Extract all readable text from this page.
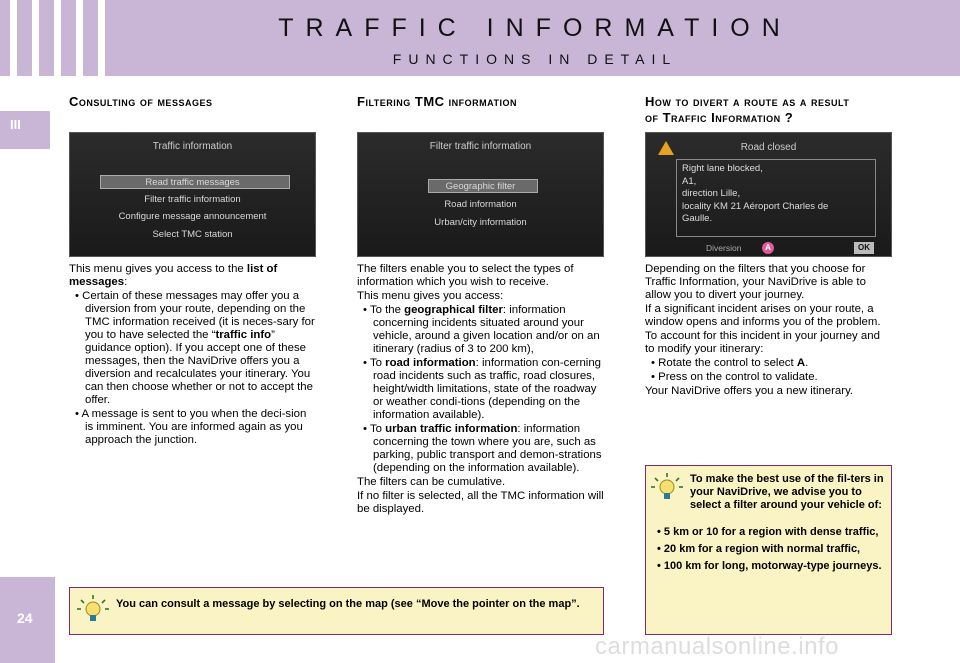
TRAFFIC INFORMATION
FUNCTIONS IN DETAIL
III
24
Consulting of messages
Traffic information
Read traffic messages
Filter traffic information
Configure message announcement
Select TMC station

This menu gives you access to the list of messages:

• Certain of these messages may offer you a diversion from your route, depending on the TMC information received (it is neces-sary for you to have selected the “traffic info” guidance option). If you accept one of these messages, then the NaviDrive offers you a diversion and recalculates your itinerary. You can then choose whether or not to accept the offer.

• A message is sent to you when the deci-sion is imminent. You are informed again as you approach the junction.

Filtering TMC information
Filter traffic information
Geographic filter
Road information
Urban/city information

The filters enable you to select the types of information which you wish to receive.

This menu gives you access:

• To the geographical filter: information concerning incidents situated around your vehicle, around a given location and/or on an itinerary (radius of 3 to 200 km),

• To road information: information con-cerning road incidents such as traffic, road closures, height/width limitations, state of the roadway or weather condi-tions (depending on the information available).

• To urban traffic information: information concerning the town where you are, such as parking, public transport and demon-strations (depending on the information available).

The filters can be cumulative.

If no filter is selected, all the TMC information will be displayed.

How to divert a route as a result
of Traffic Information ?
Road closed
Right lane blocked,
A1,
direction Lille,
locality KM 21 Aéroport Charles de
Gaulle.
Diversion	A	OK

Depending on the filters that you choose for Traffic Information, your NaviDrive is able to allow you to divert your journey.

If a significant incident arises on your route, a window opens and informs you of the problem.

To account for this incident in your journey and to modify your itinerary:

• Rotate the control to select A.

• Press on the control to validate.

Your NaviDrive offers you a new itinerary.

To make the best use of the fil-ters in your NaviDrive, we advise you to select a filter around your vehicle of:
• 5 km or 10 for a region with dense traffic,
• 20 km for a region with normal traffic,
• 100 km for long, motorway-type journeys.
You can consult a message by selecting on the map (see “Move the pointer on the map”.
carmanualsonline.info
